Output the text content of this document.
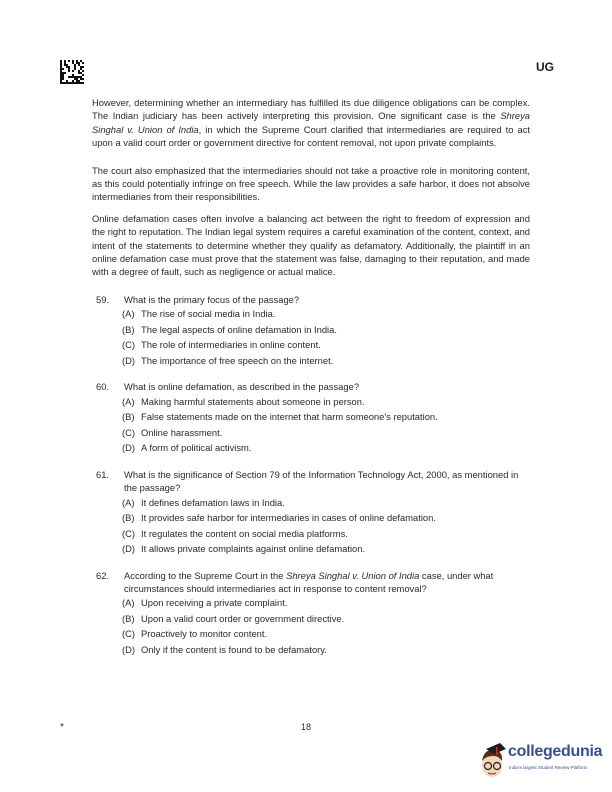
UG

However, determining whether an intermediary has fulfilled its due diligence obligations can be complex. The Indian judiciary has been actively interpreting this provision. One significant case is the Shreya Singhal v. Union of India, in which the Supreme Court clarified that intermediaries are required to act upon a valid court order or government directive for content removal, not upon private complaints.

The court also emphasized that the intermediaries should not take a proactive role in monitoring content, as this could potentially infringe on free speech. While the law provides a safe harbor, it does not absolve intermediaries from their responsibilities.

Online defamation cases often involve a balancing act between the right to freedom of expression and the right to reputation. The Indian legal system requires a careful examination of the content, context, and intent of the statements to determine whether they qualify as defamatory. Additionally, the plaintiff in an online defamation case must prove that the statement was false, damaging to their reputation, and made with a degree of fault, such as negligence or actual malice.

59.	What is the primary focus of the passage?
(A) The rise of social media in India.
(B) The legal aspects of online defamation in India.
(C) The role of intermediaries in online content.
(D) The importance of free speech on the internet.
60.	What is online defamation, as described in the passage?
(A) Making harmful statements about someone in person.
(B) False statements made on the internet that harm someone's reputation.
(C) Online harassment.
(D) A form of political activism.
61.	What is the significance of Section 79 of the Information Technology Act, 2000, as mentioned in the passage?
(A) It defines defamation laws in India.
(B) It provides safe harbor for intermediaries in cases of online defamation.
(C) It regulates the content on social media platforms.
(D) It allows private complaints against online defamation.
62.	According to the Supreme Court in the Shreya Singhal v. Union of India case, under what circumstances should intermediaries act in response to content removal?
(A) Upon receiving a private complaint.
(B) Upon a valid court order or government directive.
(C) Proactively to monitor content.
(D) Only if the content is found to be defamatory.
*	18
collegedunia
India's largest Student Review Platform
